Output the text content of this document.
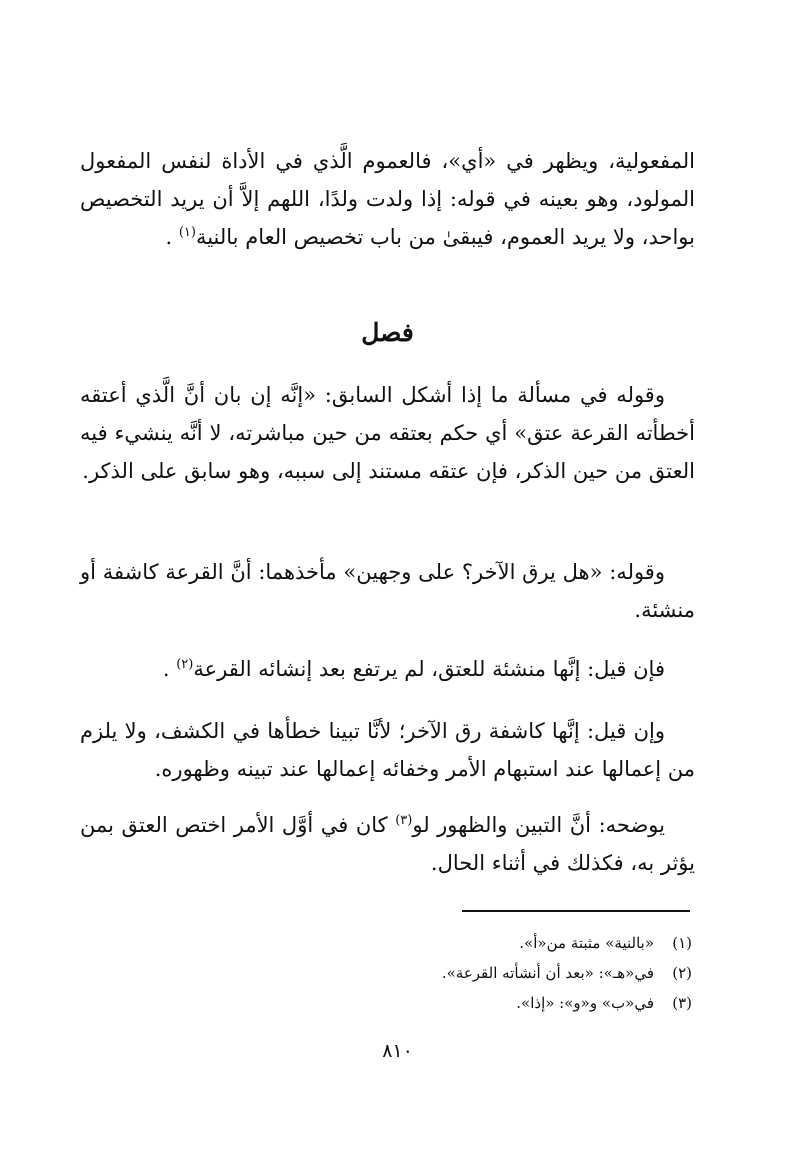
المفعولية، ويظهر في «أي»، فالعموم الَّذي في الأداة لنفس المفعول المولود، وهو بعينه في قوله: إذا ولدت ولدًا، اللهم إلاَّ أن يريد التخصيص بواحد، ولا يريد العموم، فيبقىٰ من باب تخصيص العام بالنية$^{(١)}$ .

فصل

وقوله في مسألة ما إذا أشكل السابق: «إنَّه إن بان أنَّ الَّذي أعتقه أخطأته القرعة عتق» أي حكم بعتقه من حين مباشرته، لا أنَّه ينشيء فيه العتق من حين الذكر، فإن عتقه مستند إلى سببه، وهو سابق على الذكر.

وقوله: «هل يرق الآخر؟ على وجهين» مأخذهما: أنَّ القرعة كاشفة أو منشئة.

فإن قيل: إنَّها منشئة للعتق، لم يرتفع بعد إنشائه القرعة$^{(٢)}$ .

وإن قيل: إنَّها كاشفة رق الآخر؛ لأنَّا تبينا خطأها في الكشف، ولا يلزم من إعمالها عند استبهام الأمر وخفائه إعمالها عند تبينه وظهوره.

يوضحه: أنَّ التبين والظهور لو$^{(٣)}$ كان في أوَّل الأمر اختص العتق بمن يؤثر به، فكذلك في أثناء الحال.

(١)«بالنية» مثبتة من«أ».
(٢)في«هـ»: «بعد أن أنشأته القرعة».
(٣)في«ب» و«و»: «إذا».
٨١٠
